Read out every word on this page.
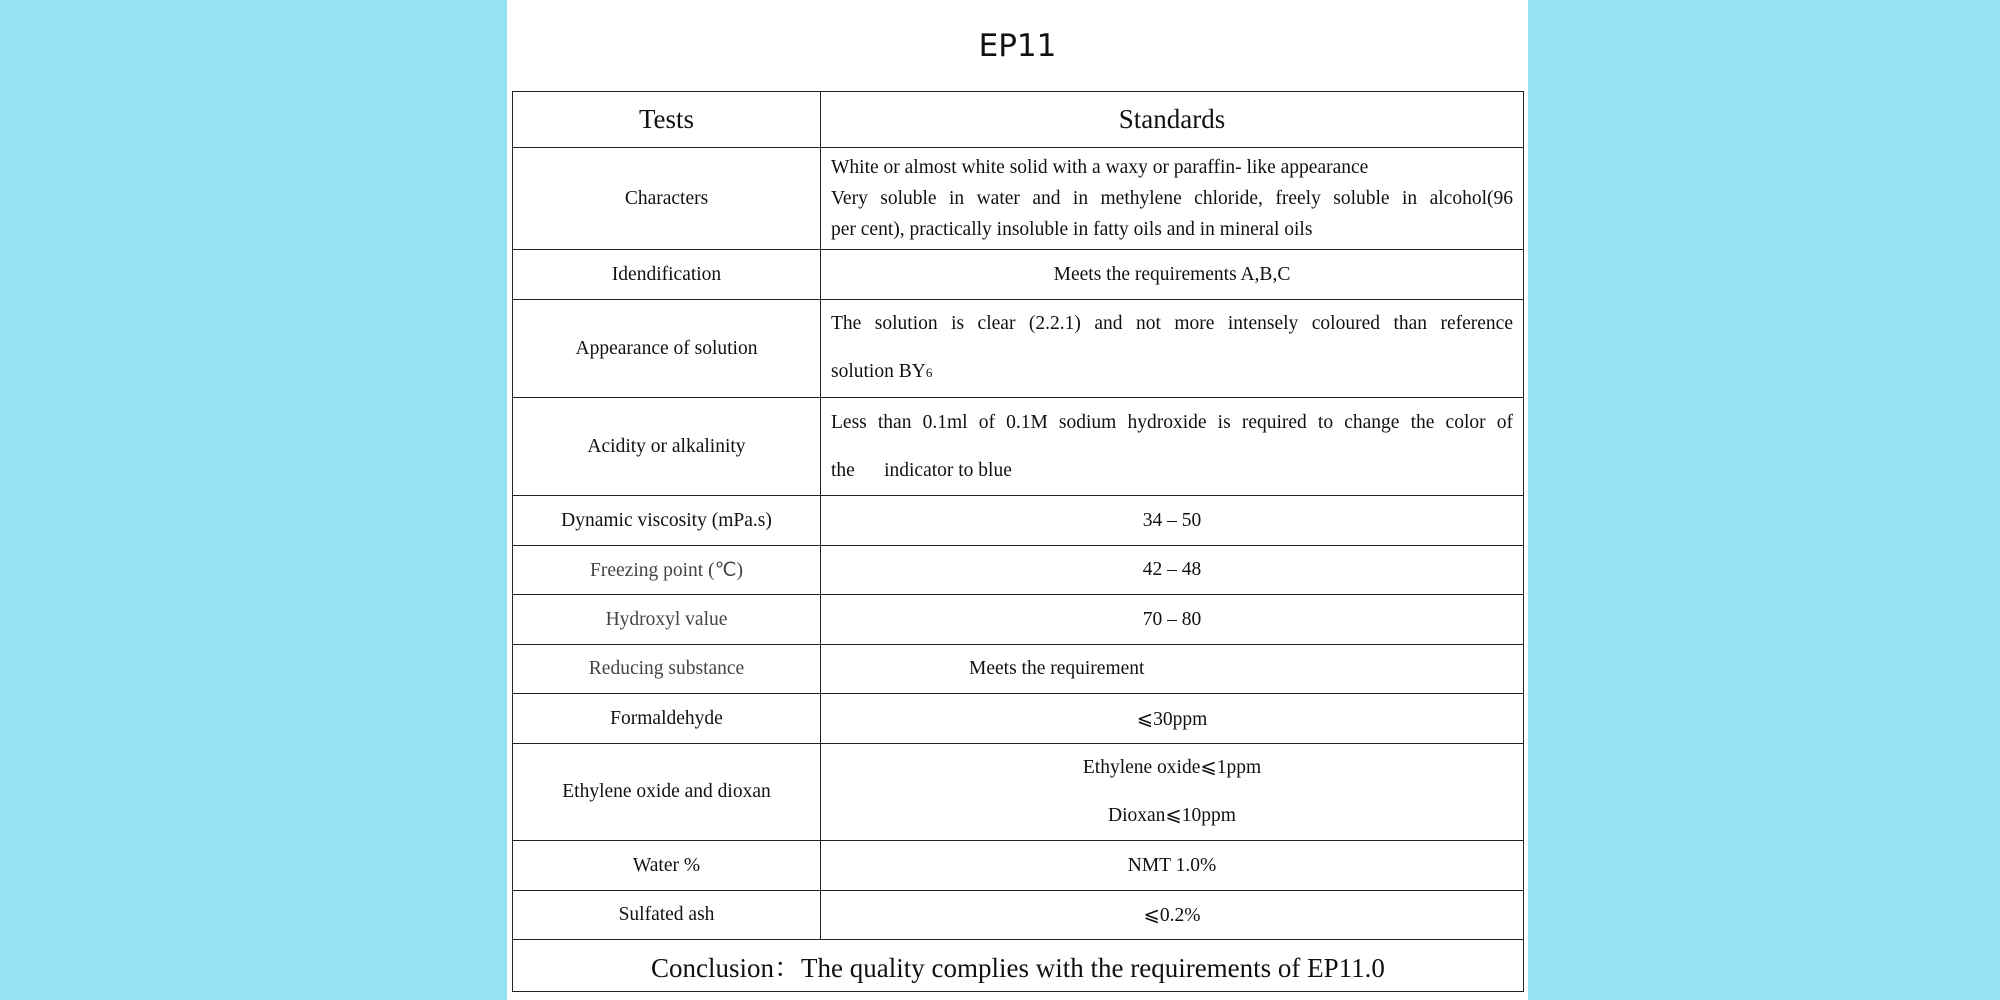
EP11
Tests	Standards
Characters	White or almost white solid with a waxy or paraffin- like appearance
Very soluble in water and in methylene chloride, freely soluble in alcohol(96
per cent), practically insoluble in fatty oils and in mineral oils

Idendification	Meets the requirements A,B,C
Appearance of solution	The solution is clear (2.2.1) and not more intensely coloured than reference
solution BY6

Acidity or alkalinity	Less than 0.1ml of 0.1M sodium hydroxide is required to change the color of
the      indicator to blue

Dynamic viscosity (mPa.s)	34 – 50
Freezing point (℃)	42 – 48
Hydroxyl value	70 – 80
Reducing substance	Meets the requirement
Formaldehyde	⩽30ppm
Ethylene oxide and dioxan	Ethylene oxide⩽1ppm
Dioxan⩽10ppm

Water %	NMT 1.0%
Sulfated ash	⩽0.2%
Conclusion：The quality complies with the requirements of EP11.0	
